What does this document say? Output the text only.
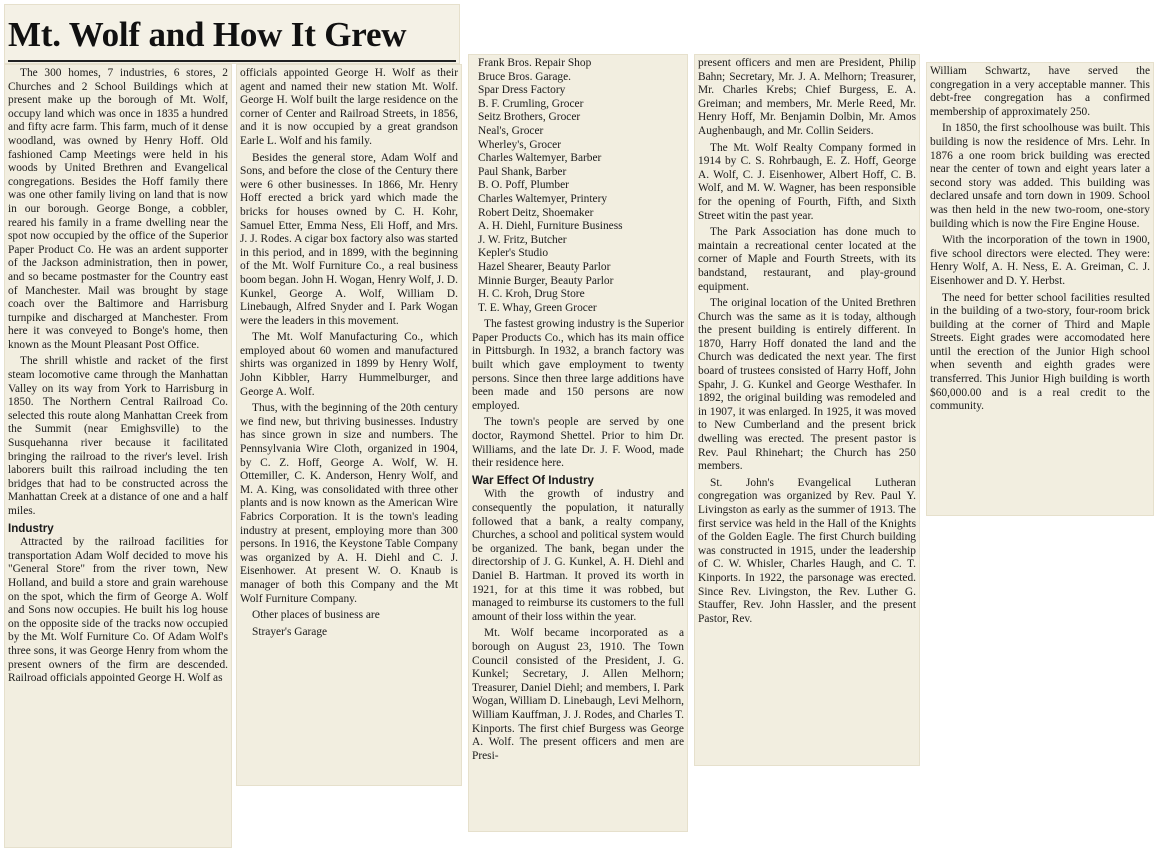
Mt. Wolf and How It Grew

The 300 homes, 7 industries, 6 stores, 2 Churches and 2 School Buildings which at present make up the borough of Mt. Wolf, occupy land which was once in 1835 a hundred and fifty acre farm. This farm, much of it dense woodland, was owned by Henry Hoff. Old fashioned Camp Meetings were held in his woods by United Brethren and Evangelical congregations. Besides the Hoff family there was one other family living on land that is now in our borough. George Bonge, a cobbler, reared his family in a frame dwelling near the spot now occupied by the office of the Superior Paper Product Co. He was an ardent supporter of the Jackson administration, then in power, and so became postmaster for the Country east of Manchester. Mail was brought by stage coach over the Baltimore and Harrisburg turnpike and discharged at Manchester. From here it was conveyed to Bonge's home, then known as the Mount Pleasant Post Office.

The shrill whistle and racket of the first steam locomotive came through the Manhattan Valley on its way from York to Harrisburg in 1850. The Northern Central Railroad Co. selected this route along Manhattan Creek from the Summit (near Emighsville) to the Susquehanna river because it facilitated bringing the railroad to the river's level. Irish laborers built this railroad including the ten bridges that had to be constructed across the Manhattan Creek at a distance of one and a half miles.

Industry

Attracted by the railroad facilities for transportation Adam Wolf decided to move his "General Store" from the river town, New Holland, and build a store and grain warehouse on the spot, which the firm of George A. Wolf and Sons now occupies. He built his log house on the opposite side of the tracks now occupied by the Mt. Wolf Furniture Co. Of Adam Wolf's three sons, it was George Henry from whom the present owners of the firm are descended. Railroad officials appointed George H. Wolf as

officials appointed George H. Wolf as their agent and named their new station Mt. Wolf. George H. Wolf built the large residence on the corner of Center and Railroad Streets, in 1856, and it is now occupied by a great grandson Earle L. Wolf and his family.

Besides the general store, Adam Wolf and Sons, and before the close of the Century there were 6 other businesses. In 1866, Mr. Henry Hoff erected a brick yard which made the bricks for houses owned by C. H. Kohr, Samuel Etter, Emma Ness, Eli Hoff, and Mrs. J. J. Rodes. A cigar box factory also was started in this period, and in 1899, with the beginning of the Mt. Wolf Furniture Co., a real business boom began. John H. Wogan, Henry Wolf, J. D. Kunkel, George A. Wolf, William D. Linebaugh, Alfred Snyder and I. Park Wogan were the leaders in this movement.

The Mt. Wolf Manufacturing Co., which employed about 60 women and manufactured shirts was organized in 1899 by Henry Wolf, John Kibbler, Harry Hummelburger, and George A. Wolf.

Thus, with the beginning of the 20th century we find new, but thriving businesses. Industry has since grown in size and numbers. The Pennsylvania Wire Cloth, organized in 1904, by C. Z. Hoff, George A. Wolf, W. H. Ottemiller, C. K. Anderson, Henry Wolf, and M. A. King, was consolidated with three other plants and is now known as the American Wire Fabrics Corporation. It is the town's leading industry at present, employing more than 300 persons. In 1916, the Keystone Table Company was organized by A. H. Diehl and C. J. Eisenhower. At present W. O. Knaub is manager of both this Company and the Mt Wolf Furniture Company.

Other places of business are

Strayer's Garage

Frank Bros. Repair Shop
Bruce Bros. Garage.
Spar Dress Factory
B. F. Crumling, Grocer
Seitz Brothers, Grocer
Neal's, Grocer
Wherley's, Grocer
Charles Waltemyer, Barber
Paul Shank, Barber
B. O. Poff, Plumber
Charles Waltemyer, Printery
Robert Deitz, Shoemaker
A. H. Diehl, Furniture Business
J. W. Fritz, Butcher
Kepler's Studio
Hazel Shearer, Beauty Parlor
Minnie Burger, Beauty Parlor
H. C. Kroh, Drug Store
T. E. Whay, Green Grocer

The fastest growing industry is the Superior Paper Products Co., which has its main office in Pittsburgh. In 1932, a branch factory was built which gave employment to twenty persons. Since then three large additions have been made and 150 persons are now employed.

The town's people are served by one doctor, Raymond Shettel. Prior to him Dr. Williams, and the late Dr. J. F. Wood, made their residence here.

War Effect Of Industry

With the growth of industry and consequently the population, it naturally followed that a bank, a realty company, Churches, a school and political system would be organized. The bank, began under the directorship of J. G. Kunkel, A. H. Diehl and Daniel B. Hartman. It proved its worth in 1921, for at this time it was robbed, but managed to reimburse its customers to the full amount of their loss within the year.

Mt. Wolf became incorporated as a borough on August 23, 1910. The Town Council consisted of the President, J. G. Kunkel; Secretary, J. Allen Melhorn; Treasurer, Daniel Diehl; and members, I. Park Wogan, William D. Linebaugh, Levi Melhorn, William Kauffman, J. J. Rodes, and Charles T. Kinports. The first chief Burgess was George A. Wolf. The present officers and men are Presi-

present officers and men are President, Philip Bahn; Secretary, Mr. J. A. Melhorn; Treasurer, Mr. Charles Krebs; Chief Burgess, E. A. Greiman; and members, Mr. Merle Reed, Mr. Henry Hoff, Mr. Benjamin Dolbin, Mr. Amos Aughenbaugh, and Mr. Collin Seiders.

The Mt. Wolf Realty Company formed in 1914 by C. S. Rohrbaugh, E. Z. Hoff, George A. Wolf, C. J. Eisenhower, Albert Hoff, C. B. Wolf, and M. W. Wagner, has been responsible for the opening of Fourth, Fifth, and Sixth Street witin the past year.

The Park Association has done much to maintain a recreational center located at the corner of Maple and Fourth Streets, with its bandstand, restaurant, and play-ground equipment.

The original location of the United Brethren Church was the same as it is today, although the present building is entirely different. In 1870, Harry Hoff donated the land and the Church was dedicated the next year. The first board of trustees consisted of Harry Hoff, John Spahr, J. G. Kunkel and George Westhafer. In 1892, the original building was remodeled and in 1907, it was enlarged. In 1925, it was moved to New Cumberland and the present brick dwelling was erected. The present pastor is Rev. Paul Rhinehart; the Church has 250 members.

St. John's Evangelical Lutheran congregation was organized by Rev. Paul Y. Livingston as early as the summer of 1913. The first service was held in the Hall of the Knights of the Golden Eagle. The first Church building was constructed in 1915, under the leadership of C. W. Whisler, Charles Haugh, and C. T. Kinports. In 1922, the parsonage was erected. Since Rev. Livingston, the Rev. Luther G. Stauffer, Rev. John Hassler, and the present Pastor, Rev.

William Schwartz, have served the congregation in a very acceptable manner. This debt-free congregation has a confirmed membership of approximately 250.

In 1850, the first schoolhouse was built. This building is now the residence of Mrs. Lehr. In 1876 a one room brick building was erected near the center of town and eight years later a second story was added. This building was declared unsafe and torn down in 1909. School was then held in the new two-room, one-story building which is now the Fire Engine House.

With the incorporation of the town in 1900, five school directors were elected. They were: Henry Wolf, A. H. Ness, E. A. Greiman, C. J. Eisenhower and D. Y. Herbst.

The need for better school facilities resulted in the building of a two-story, four-room brick building at the corner of Third and Maple Streets. Eight grades were accomodated here until the erection of the Junior High school when seventh and eighth grades were transferred. This Junior High building is worth $60,000.00 and is a real credit to the community.
